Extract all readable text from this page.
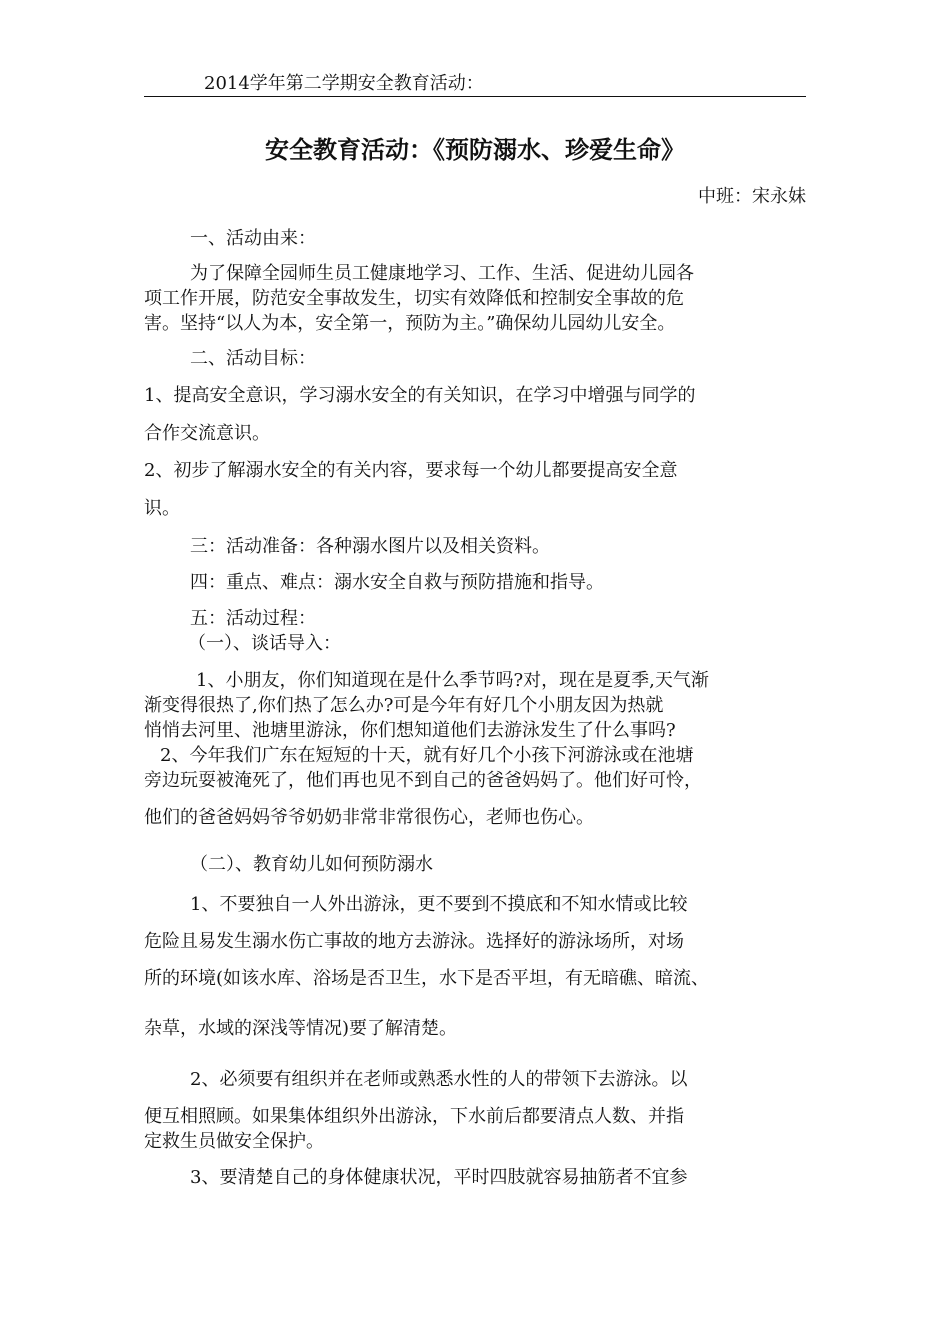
2014学年第二学期安全教育活动：
安全教育活动：《预防溺水、珍爱生命》
中班：宋永妹
一、活动由来：
为了保障全园师生员工健康地学习、工作、生活、促进幼儿园各
项工作开展，防范安全事故发生，切实有效降低和控制安全事故的危
害。坚持“以人为本，安全第一，预防为主。”确保幼儿园幼儿安全。
二、活动目标：
1、提高安全意识，学习溺水安全的有关知识，在学习中增强与同学的
合作交流意识。
2、初步了解溺水安全的有关内容，要求每一个幼儿都要提高安全意
识。
三：活动准备：各种溺水图片以及相关资料。
四：重点、难点：溺水安全自救与预防措施和指导。
五：活动过程：
（一）、谈话导入：
1、小朋友，你们知道现在是什么季节吗?对，现在是夏季,天气渐
渐变得很热了,你们热了怎么办?可是今年有好几个小朋友因为热就
悄悄去河里、池塘里游泳，你们想知道他们去游泳发生了什么事吗?
2、今年我们广东在短短的十天，就有好几个小孩下河游泳或在池塘
旁边玩耍被淹死了，他们再也见不到自己的爸爸妈妈了。他们好可怜，
他们的爸爸妈妈爷爷奶奶非常非常很伤心，老师也伤心。
（二）、教育幼儿如何预防溺水
1、不要独自一人外出游泳，更不要到不摸底和不知水情或比较
危险且易发生溺水伤亡事故的地方去游泳。选择好的游泳场所，对场
所的环境(如该水库、浴场是否卫生，水下是否平坦，有无暗礁、暗流、
杂草，水域的深浅等情况)要了解清楚。
2、必须要有组织并在老师或熟悉水性的人的带领下去游泳。以
便互相照顾。如果集体组织外出游泳，下水前后都要清点人数、并指
定救生员做安全保护。
3、要清楚自己的身体健康状况，平时四肢就容易抽筋者不宜参
